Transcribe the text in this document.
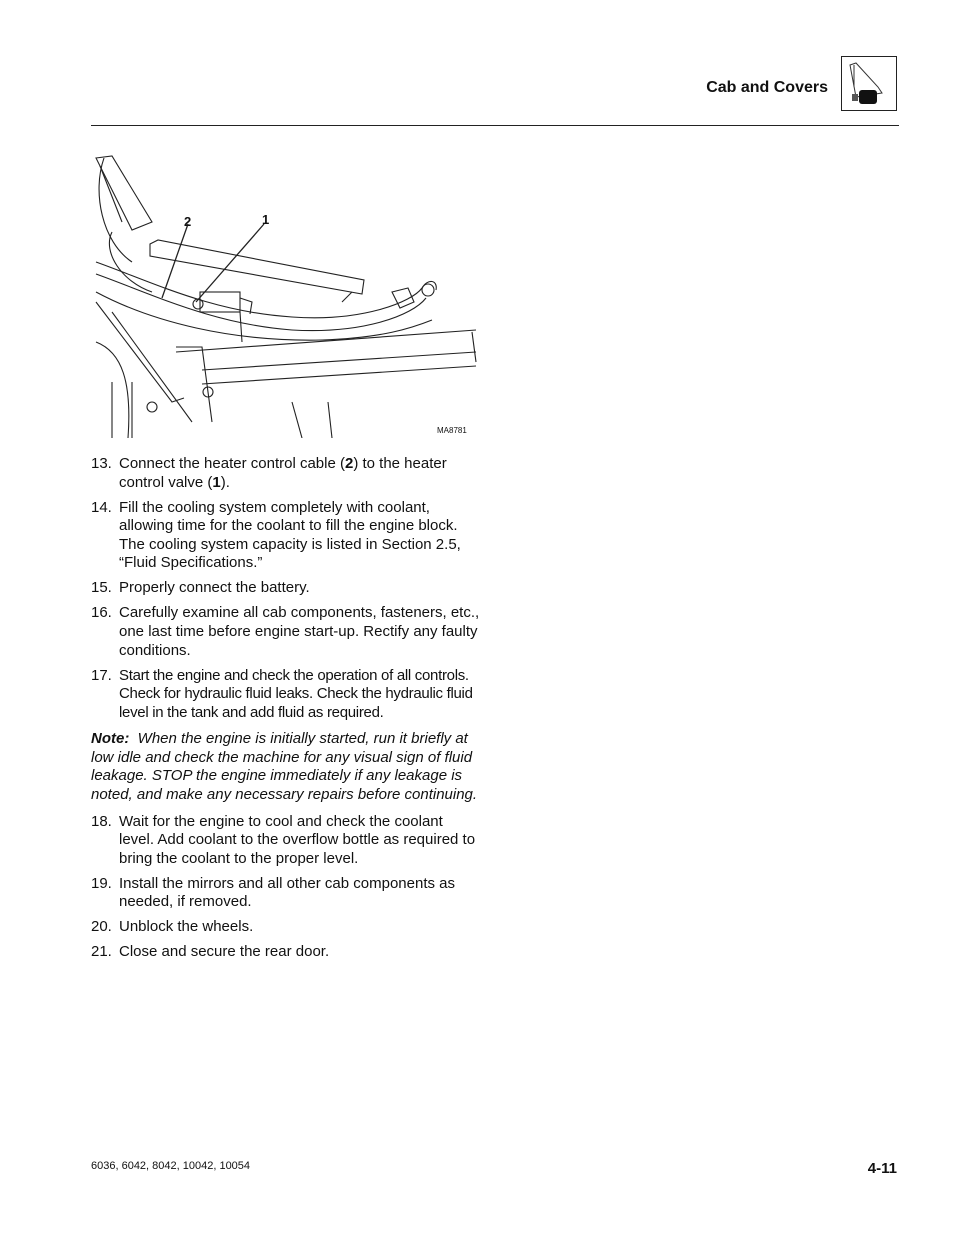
Cab and Covers
2	1
MA8781
13. Connect the heater control cable (2) to the heater control valve (1).
14. Fill the cooling system completely with coolant, allowing time for the coolant to fill the engine block. The cooling system capacity is listed in Section 2.5, “Fluid Specifications.”
15. Properly connect the battery.
16. Carefully examine all cab components, fasteners, etc., one last time before engine start-up. Rectify any faulty conditions.
17. Start the engine and check the operation of all controls. Check for hydraulic fluid leaks. Check the hydraulic fluid level in the tank and add fluid as required.
Note: When the engine is initially started, run it briefly at low idle and check the machine for any visual sign of fluid leakage. STOP the engine immediately if any leakage is noted, and make any necessary repairs before continuing.
18. Wait for the engine to cool and check the coolant level. Add coolant to the overflow bottle as required to bring the coolant to the proper level.
19. Install the mirrors and all other cab components as needed, if removed.
20. Unblock the wheels.
21. Close and secure the rear door.
6036, 6042, 8042, 10042, 10054	4-11
